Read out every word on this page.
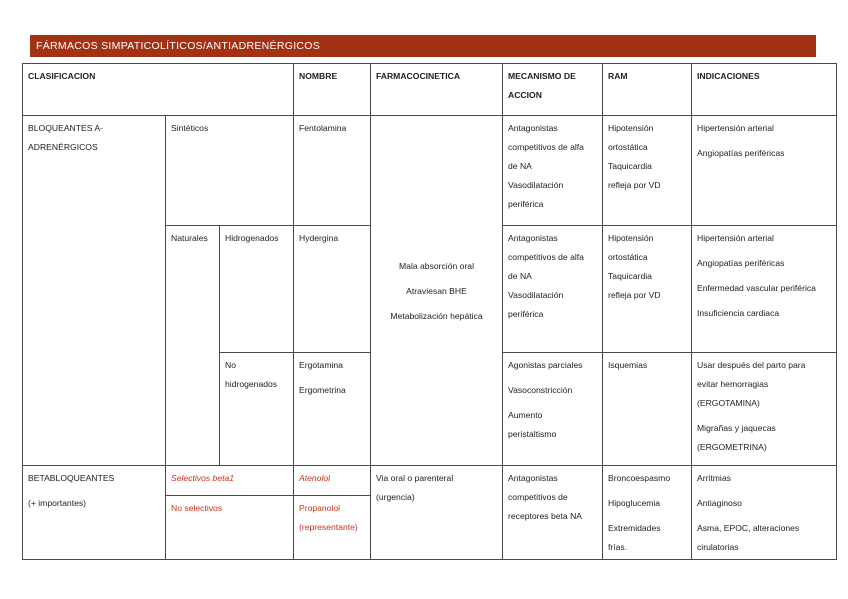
FÁRMACOS SIMPATICOLÍTICOS/ANTIADRENÉRGICOS
CLASIFICACION			NOMBRE	FARMACOCINETICA	MECANISMO DE
ACCION	RAM	INDICACIONES

BLOQUEANTES A-
ADRENÉRGICOS	Sintéticos		Fentolamina	Mala absorción oral
Atraviesan BHE
Metabolización hepática	Antagonistas
competitivos de alfa
de NA
Vasodilatación
periférica	Hipotensión
ortostática
Taquicardia
refleja por VD	Hipertensión arterial
Angiopatías periféricas

	Naturales	Hidrogenados	Hydergina		Antagonistas
competitivos de alfa
de NA
Vasodilatación
periférica	Hipotensión
ortostática
Taquicardia
refleja por VD	Hipertensión arterial
Angiopatías periféricas
Enfermedad vascular periférica
Insuficiencia cardiaca

		No
hidrogenados	Ergotamina
Ergometrina		Agonistas parciales
Vasoconstricción
Aumento
peristaltismo	Isquemias	Usar después del parto para
evitar hemorragias
(ERGOTAMINA)
Migrañas y jaquecas
(ERGOMETRINA)

BETABLOQUEANTES
(+ importantes)	Selectivos beta1		Atenolol	Via oral o parenteral
(urgencia)	Antagonistas
competitivos de
receptores beta NA	Broncoespasmo
Hipoglucemia
Extremidades
frías.	Arritmias
Antiaginoso
Asma, EPOC, alteraciones
cirulatorias

	No selectivos		Propanolol
(representante)				
